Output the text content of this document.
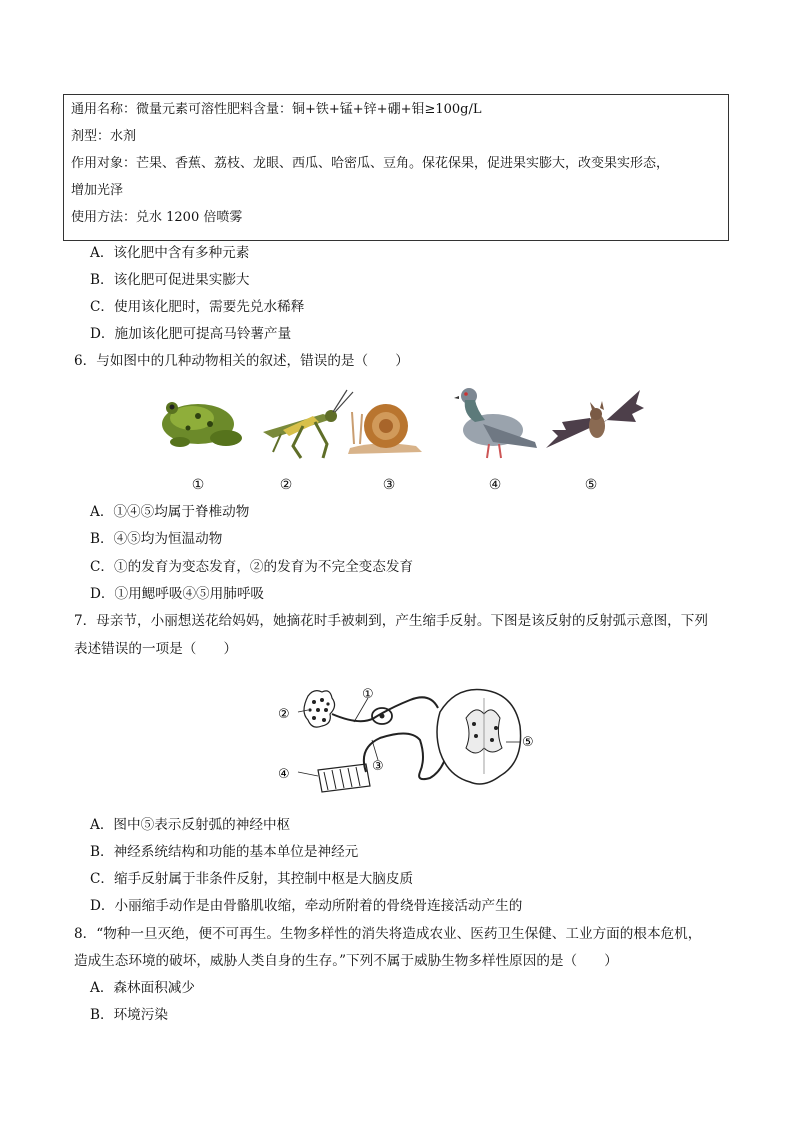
通用名称：微量元素可溶性肥料含量：铜+铁+锰+锌+硼+钼≥100g/L
剂型：水剂
作用对象：芒果、香蕉、荔枝、龙眼、西瓜、哈密瓜、豆角。保花保果，促进果实膨大，改变果实形态，
增加光泽
使用方法：兑水 1200 倍喷雾
A．该化肥中含有多种元素
B．该化肥可促进果实膨大
C．使用该化肥时，需要先兑水稀释
D．施加该化肥可提高马铃薯产量
6．与如图中的几种动物相关的叙述，错误的是（　　）
①	②	③	④	⑤
A．①④⑤均属于脊椎动物
B．④⑤均为恒温动物
C．①的发育为变态发育，②的发育为不完全变态发育
D．①用鳃呼吸④⑤用肺呼吸
7．母亲节，小丽想送花给妈妈，她摘花时手被刺到，产生缩手反射。下图是该反射的反射弧示意图，下列
表述错误的一项是（　　）
①
②
③
④
⑤
A．图中⑤表示反射弧的神经中枢
B．神经系统结构和功能的基本单位是神经元
C．缩手反射属于非条件反射，其控制中枢是大脑皮质
D．小丽缩手动作是由骨骼肌收缩，牵动所附着的骨绕骨连接活动产生的
8．“物种一旦灭绝，便不可再生。生物多样性的消失将造成农业、医药卫生保健、工业方面的根本危机，
造成生态环境的破坏，威胁人类自身的生存。”下列不属于威胁生物多样性原因的是（　　）
A．森林面积减少
B．环境污染
